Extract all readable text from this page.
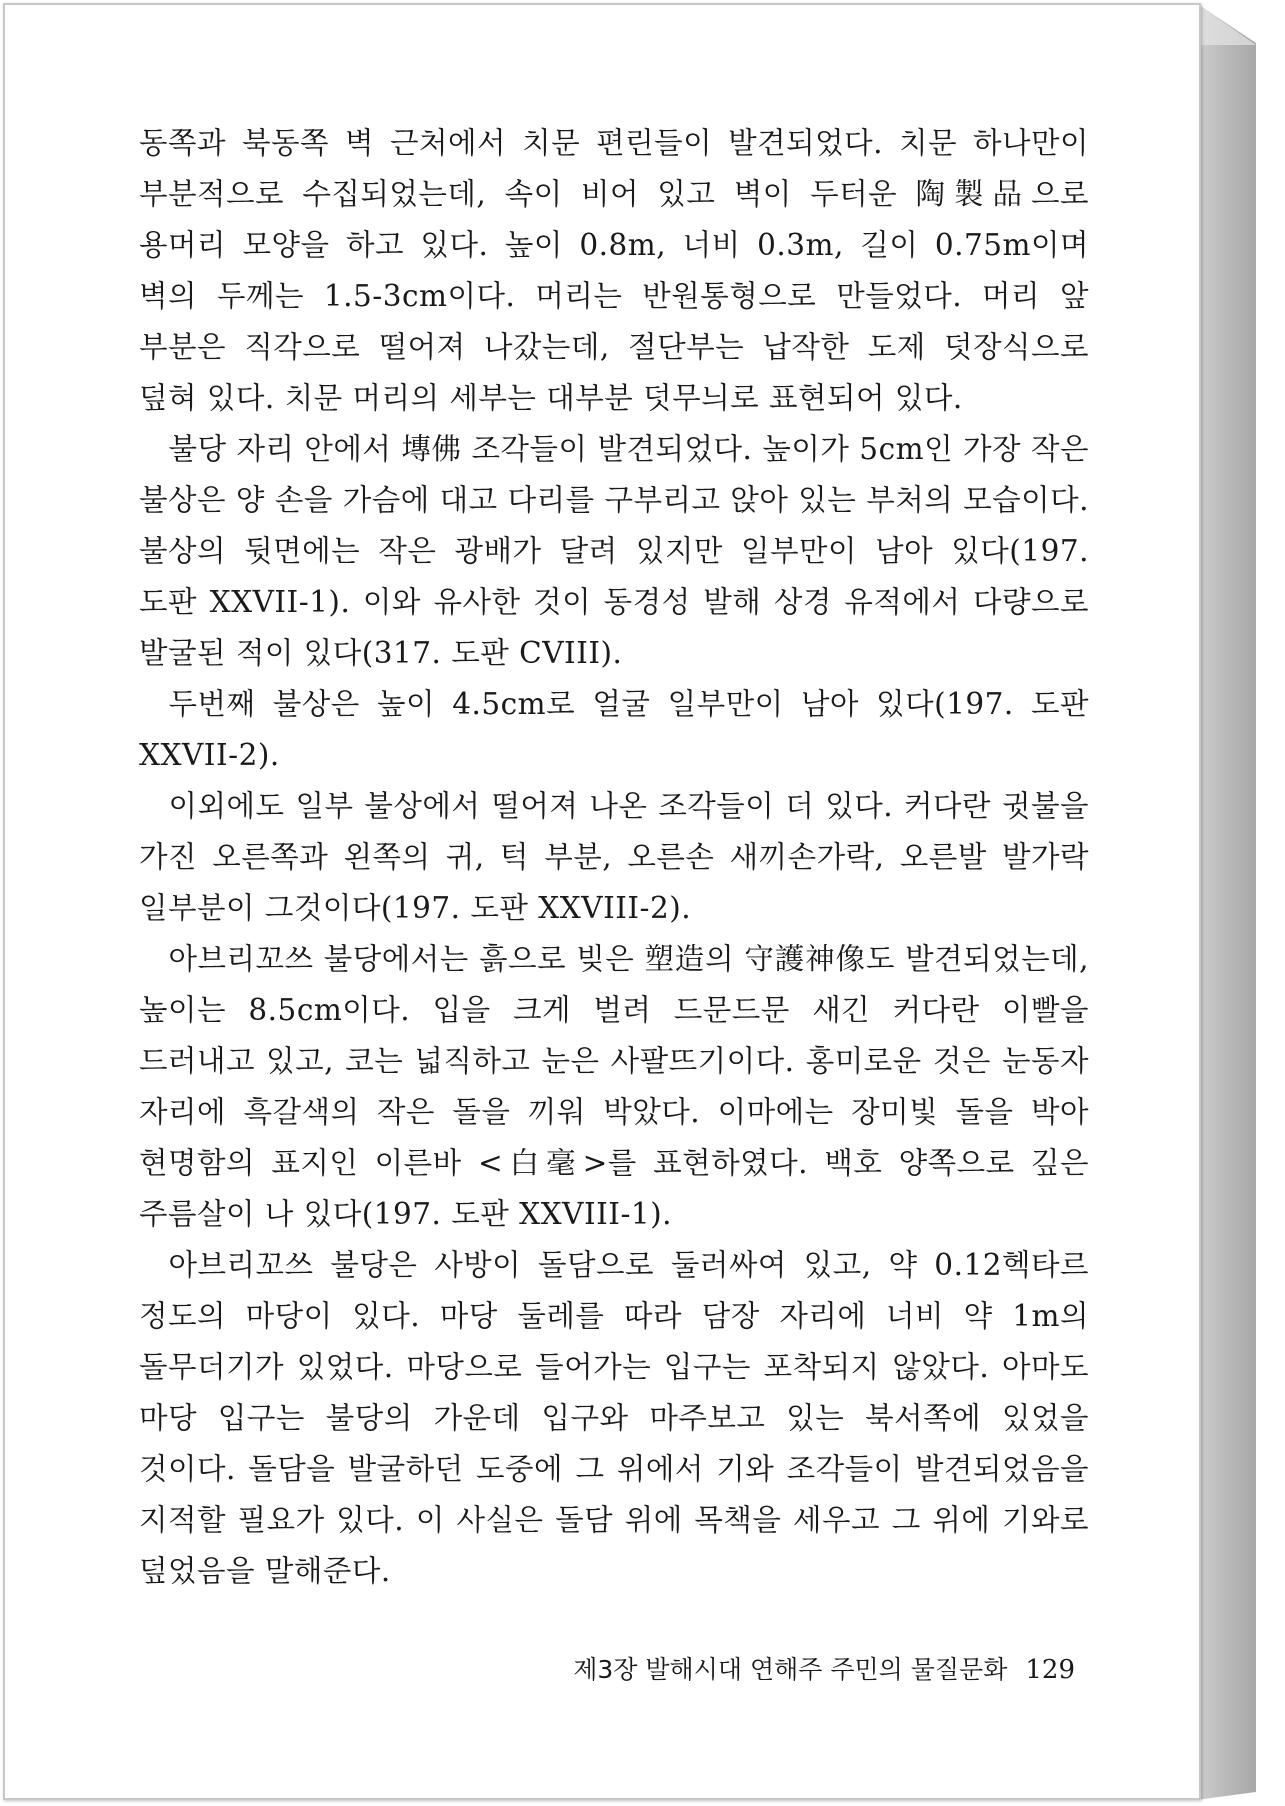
동쪽과 북동쪽 벽 근처에서 치문 편린들이 발견되었다. 치문 하나만이 부분적으로 수집되었는데, 속이 비어 있고 벽이 두터운 陶製品으로 용머리 모양을 하고 있다. 높이 0.8m, 너비 0.3m, 길이 0.75m이며 벽의 두께는 1.5-3cm이다. 머리는 반원통형으로 만들었다. 머리 앞 부분은 직각으로 떨어져 나갔는데, 절단부는 납작한 도제 덧장식으로 덮혀 있다. 치문 머리의 세부는 대부분 덧무늬로 표현되어 있다.

불당 자리 안에서 塼佛 조각들이 발견되었다. 높이가 5cm인 가장 작은 불상은 양 손을 가슴에 대고 다리를 구부리고 앉아 있는 부처의 모습이다. 불상의 뒷면에는 작은 광배가 달려 있지만 일부만이 남아 있다(197. 도판 XXVII-1). 이와 유사한 것이 동경성 발해 상경 유적에서 다량으로 발굴된 적이 있다(317. 도판 CVIII).

두번째 불상은 높이 4.5cm로 얼굴 일부만이 남아 있다(197. 도판 XXVII-2).

이외에도 일부 불상에서 떨어져 나온 조각들이 더 있다. 커다란 귓불을 가진 오른쪽과 왼쪽의 귀, 턱 부분, 오른손 새끼손가락, 오른발 발가락 일부분이 그것이다(197. 도판 XXVIII-2).

아브리꼬쓰 불당에서는 흙으로 빚은 塑造의 守護神像도 발견되었는데, 높이는 8.5cm이다. 입을 크게 벌려 드문드문 새긴 커다란 이빨을 드러내고 있고, 코는 넓직하고 눈은 사팔뜨기이다. 홍미로운 것은 눈동자 자리에 흑갈색의 작은 돌을 끼워 박았다. 이마에는 장미빛 돌을 박아 현명함의 표지인 이른바 <白毫>를 표현하였다. 백호 양쪽으로 깊은 주름살이 나 있다(197. 도판 XXVIII-1).

아브리꼬쓰 불당은 사방이 돌담으로 둘러싸여 있고, 약 0.12헥타르 정도의 마당이 있다. 마당 둘레를 따라 담장 자리에 너비 약 1m의 돌무더기가 있었다. 마당으로 들어가는 입구는 포착되지 않았다. 아마도 마당 입구는 불당의 가운데 입구와 마주보고 있는 북서쪽에 있었을 것이다. 돌담을 발굴하던 도중에 그 위에서 기와 조각들이 발견되었음을 지적할 필요가 있다. 이 사실은 돌담 위에 목책을 세우고 그 위에 기와로 덮었음을 말해준다.

제3장 발해시대 연해주 주민의 물질문화 129
